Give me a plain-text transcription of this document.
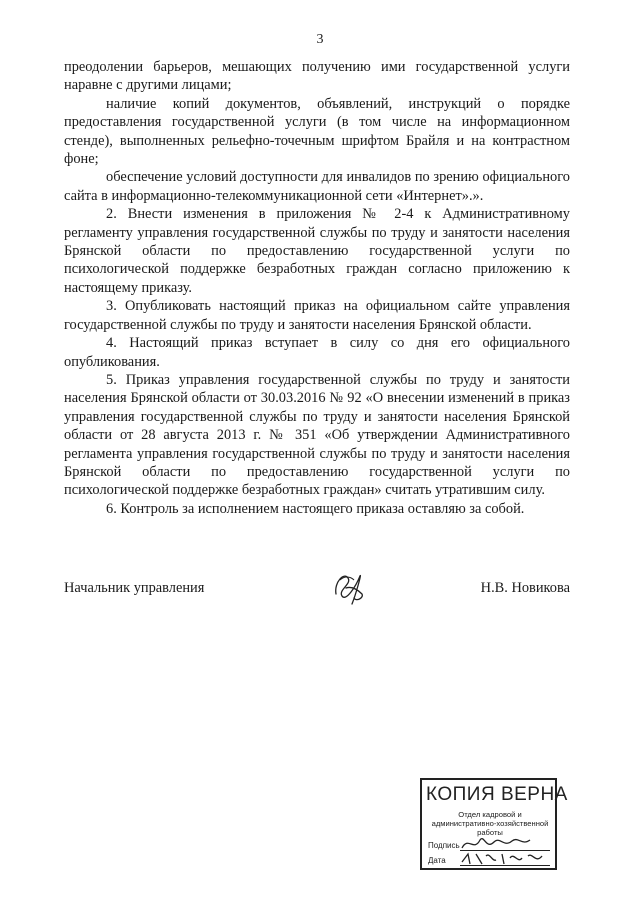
3

преодолении барьеров, мешающих получению ими государственной услуги наравне с другими лицами;

наличие копий документов, объявлений, инструкций о порядке предоставления государственной услуги (в том числе на информационном стенде), выполненных рельефно-точечным шрифтом Брайля и на контрастном фоне;

обеспечение условий доступности для инвалидов по зрению официального сайта в информационно-телекоммуникационной сети «Интернет».».

2. Внести изменения в приложения № 2-4 к Административному регламенту управления государственной службы по труду и занятости населения Брянской области по предоставлению государственной услуги по психологической поддержке безработных граждан согласно приложению к настоящему приказу.

3. Опубликовать настоящий приказ на официальном сайте управления государственной службы по труду и занятости населения Брянской области.

4. Настоящий приказ вступает в силу со дня его официального опубликования.

5. Приказ управления государственной службы по труду и занятости населения Брянской области от 30.03.2016 № 92 «О внесении изменений в приказ управления государственной службы по труду и занятости населения Брянской области от 28 августа 2013 г. № 351 «Об утверждении Административного регламента управления государственной службы по труду и занятости населения Брянской области по предоставлению государственной услуги по психологической поддержке безработных граждан» считать утратившим силу.

6. Контроль за исполнением настоящего приказа оставляю за собой.

Начальник управления	Н.В. Новикова
КОПИЯ ВЕРНА
Отдел кадровой и
административно-хозяйственной
работы
Подпись
Дата
